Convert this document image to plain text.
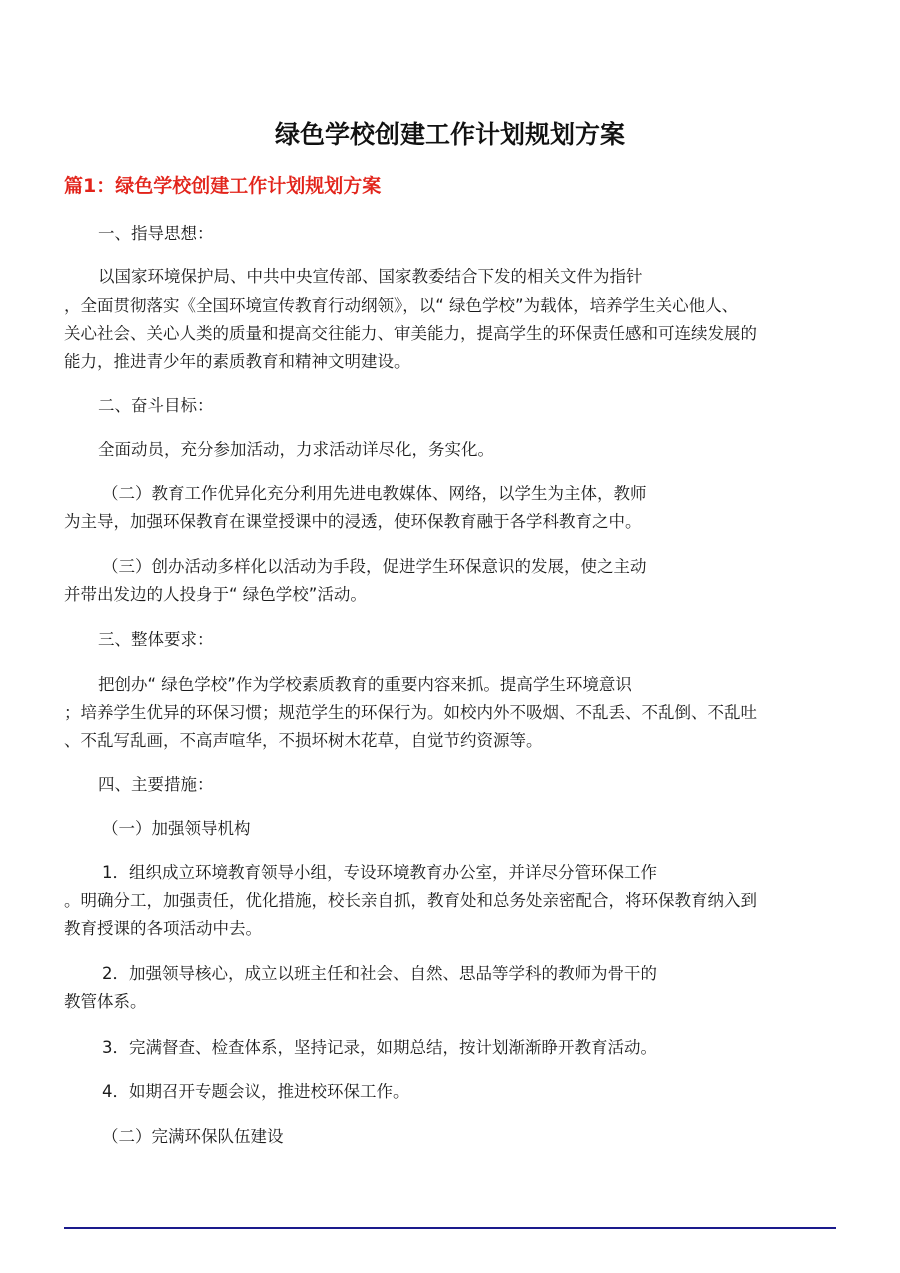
绿色学校创建工作计划规划方案
篇1：绿色学校创建工作计划规划方案
一、指导思想：
以国家环境保护局、中共中央宣传部、国家教委结合下发的相关文件为指针
，全面贯彻落实《全国环境宣传教育行动纲领》，以“ 绿色学校”为载体，培养学生关心他人、
关心社会、关心人类的质量和提高交往能力、审美能力，提高学生的环保责任感和可连续发展的
能力，推进青少年的素质教育和精神文明建设。
二、奋斗目标：
全面动员，充分参加活动，力求活动详尽化，务实化。
（二）教育工作优异化充分利用先进电教媒体、网络，以学生为主体，教师
为主导，加强环保教育在课堂授课中的浸透，使环保教育融于各学科教育之中。
（三）创办活动多样化以活动为手段，促进学生环保意识的发展，使之主动
并带出发边的人投身于“ 绿色学校”活动。
三、整体要求：
把创办“ 绿色学校”作为学校素质教育的重要内容来抓。提高学生环境意识
；培养学生优异的环保习惯；规范学生的环保行为。如校内外不吸烟、不乱丢、不乱倒、不乱吐
、不乱写乱画，不高声喧华，不损坏树木花草，自觉节约资源等。
四、主要措施：
（一）加强领导机构
1．组织成立环境教育领导小组，专设环境教育办公室，并详尽分管环保工作
。明确分工，加强责任，优化措施，校长亲自抓，教育处和总务处亲密配合，将环保教育纳入到
教育授课的各项活动中去。
2．加强领导核心，成立以班主任和社会、自然、思品等学科的教师为骨干的
教管体系。
3．完满督查、检查体系，坚持记录，如期总结，按计划渐渐睁开教育活动。
4．如期召开专题会议，推进校环保工作。
（二）完满环保队伍建设
